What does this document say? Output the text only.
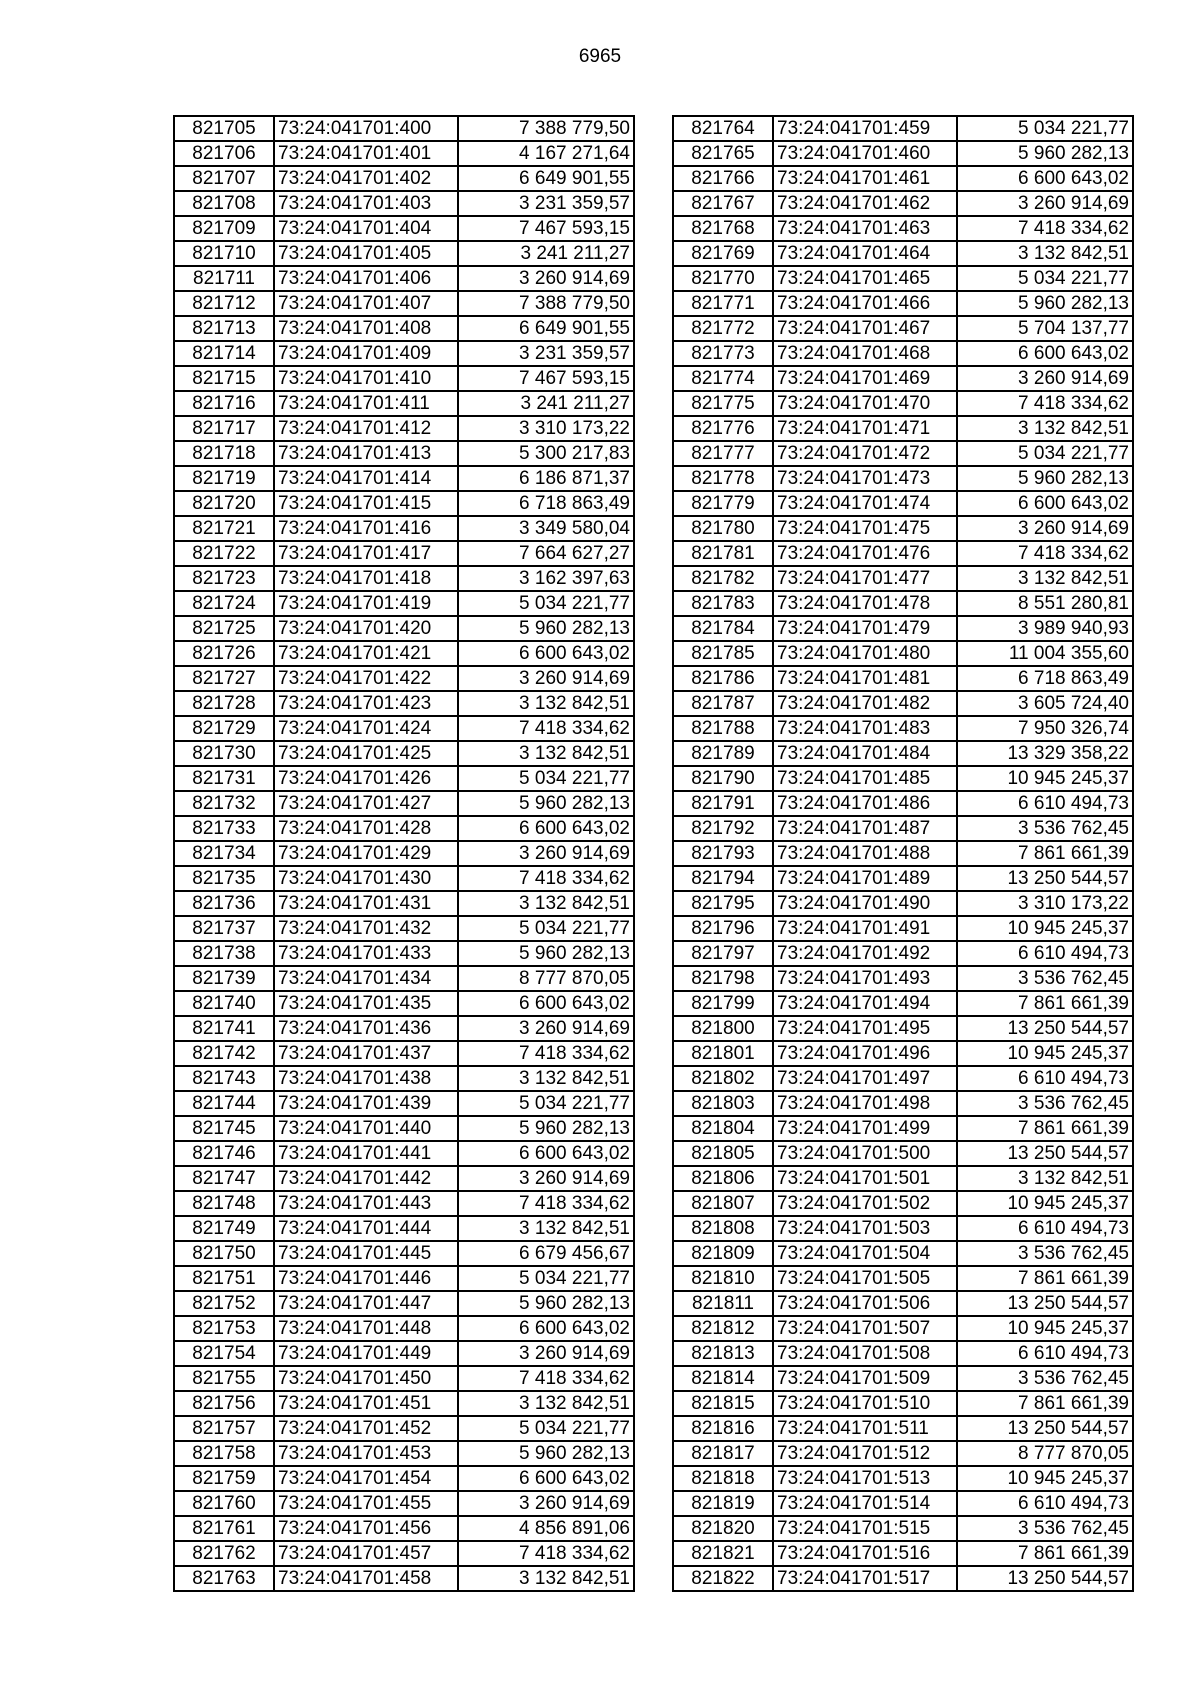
6965
821705	73:24:041701:400	7 388 779,50
821706	73:24:041701:401	4 167 271,64
821707	73:24:041701:402	6 649 901,55
821708	73:24:041701:403	3 231 359,57
821709	73:24:041701:404	7 467 593,15
821710	73:24:041701:405	3 241 211,27
821711	73:24:041701:406	3 260 914,69
821712	73:24:041701:407	7 388 779,50
821713	73:24:041701:408	6 649 901,55
821714	73:24:041701:409	3 231 359,57
821715	73:24:041701:410	7 467 593,15
821716	73:24:041701:411	3 241 211,27
821717	73:24:041701:412	3 310 173,22
821718	73:24:041701:413	5 300 217,83
821719	73:24:041701:414	6 186 871,37
821720	73:24:041701:415	6 718 863,49
821721	73:24:041701:416	3 349 580,04
821722	73:24:041701:417	7 664 627,27
821723	73:24:041701:418	3 162 397,63
821724	73:24:041701:419	5 034 221,77
821725	73:24:041701:420	5 960 282,13
821726	73:24:041701:421	6 600 643,02
821727	73:24:041701:422	3 260 914,69
821728	73:24:041701:423	3 132 842,51
821729	73:24:041701:424	7 418 334,62
821730	73:24:041701:425	3 132 842,51
821731	73:24:041701:426	5 034 221,77
821732	73:24:041701:427	5 960 282,13
821733	73:24:041701:428	6 600 643,02
821734	73:24:041701:429	3 260 914,69
821735	73:24:041701:430	7 418 334,62
821736	73:24:041701:431	3 132 842,51
821737	73:24:041701:432	5 034 221,77
821738	73:24:041701:433	5 960 282,13
821739	73:24:041701:434	8 777 870,05
821740	73:24:041701:435	6 600 643,02
821741	73:24:041701:436	3 260 914,69
821742	73:24:041701:437	7 418 334,62
821743	73:24:041701:438	3 132 842,51
821744	73:24:041701:439	5 034 221,77
821745	73:24:041701:440	5 960 282,13
821746	73:24:041701:441	6 600 643,02
821747	73:24:041701:442	3 260 914,69
821748	73:24:041701:443	7 418 334,62
821749	73:24:041701:444	3 132 842,51
821750	73:24:041701:445	6 679 456,67
821751	73:24:041701:446	5 034 221,77
821752	73:24:041701:447	5 960 282,13
821753	73:24:041701:448	6 600 643,02
821754	73:24:041701:449	3 260 914,69
821755	73:24:041701:450	7 418 334,62
821756	73:24:041701:451	3 132 842,51
821757	73:24:041701:452	5 034 221,77
821758	73:24:041701:453	5 960 282,13
821759	73:24:041701:454	6 600 643,02
821760	73:24:041701:455	3 260 914,69
821761	73:24:041701:456	4 856 891,06
821762	73:24:041701:457	7 418 334,62
821763	73:24:041701:458	3 132 842,51
821764	73:24:041701:459	5 034 221,77
821765	73:24:041701:460	5 960 282,13
821766	73:24:041701:461	6 600 643,02
821767	73:24:041701:462	3 260 914,69
821768	73:24:041701:463	7 418 334,62
821769	73:24:041701:464	3 132 842,51
821770	73:24:041701:465	5 034 221,77
821771	73:24:041701:466	5 960 282,13
821772	73:24:041701:467	5 704 137,77
821773	73:24:041701:468	6 600 643,02
821774	73:24:041701:469	3 260 914,69
821775	73:24:041701:470	7 418 334,62
821776	73:24:041701:471	3 132 842,51
821777	73:24:041701:472	5 034 221,77
821778	73:24:041701:473	5 960 282,13
821779	73:24:041701:474	6 600 643,02
821780	73:24:041701:475	3 260 914,69
821781	73:24:041701:476	7 418 334,62
821782	73:24:041701:477	3 132 842,51
821783	73:24:041701:478	8 551 280,81
821784	73:24:041701:479	3 989 940,93
821785	73:24:041701:480	11 004 355,60
821786	73:24:041701:481	6 718 863,49
821787	73:24:041701:482	3 605 724,40
821788	73:24:041701:483	7 950 326,74
821789	73:24:041701:484	13 329 358,22
821790	73:24:041701:485	10 945 245,37
821791	73:24:041701:486	6 610 494,73
821792	73:24:041701:487	3 536 762,45
821793	73:24:041701:488	7 861 661,39
821794	73:24:041701:489	13 250 544,57
821795	73:24:041701:490	3 310 173,22
821796	73:24:041701:491	10 945 245,37
821797	73:24:041701:492	6 610 494,73
821798	73:24:041701:493	3 536 762,45
821799	73:24:041701:494	7 861 661,39
821800	73:24:041701:495	13 250 544,57
821801	73:24:041701:496	10 945 245,37
821802	73:24:041701:497	6 610 494,73
821803	73:24:041701:498	3 536 762,45
821804	73:24:041701:499	7 861 661,39
821805	73:24:041701:500	13 250 544,57
821806	73:24:041701:501	3 132 842,51
821807	73:24:041701:502	10 945 245,37
821808	73:24:041701:503	6 610 494,73
821809	73:24:041701:504	3 536 762,45
821810	73:24:041701:505	7 861 661,39
821811	73:24:041701:506	13 250 544,57
821812	73:24:041701:507	10 945 245,37
821813	73:24:041701:508	6 610 494,73
821814	73:24:041701:509	3 536 762,45
821815	73:24:041701:510	7 861 661,39
821816	73:24:041701:511	13 250 544,57
821817	73:24:041701:512	8 777 870,05
821818	73:24:041701:513	10 945 245,37
821819	73:24:041701:514	6 610 494,73
821820	73:24:041701:515	3 536 762,45
821821	73:24:041701:516	7 861 661,39
821822	73:24:041701:517	13 250 544,57
